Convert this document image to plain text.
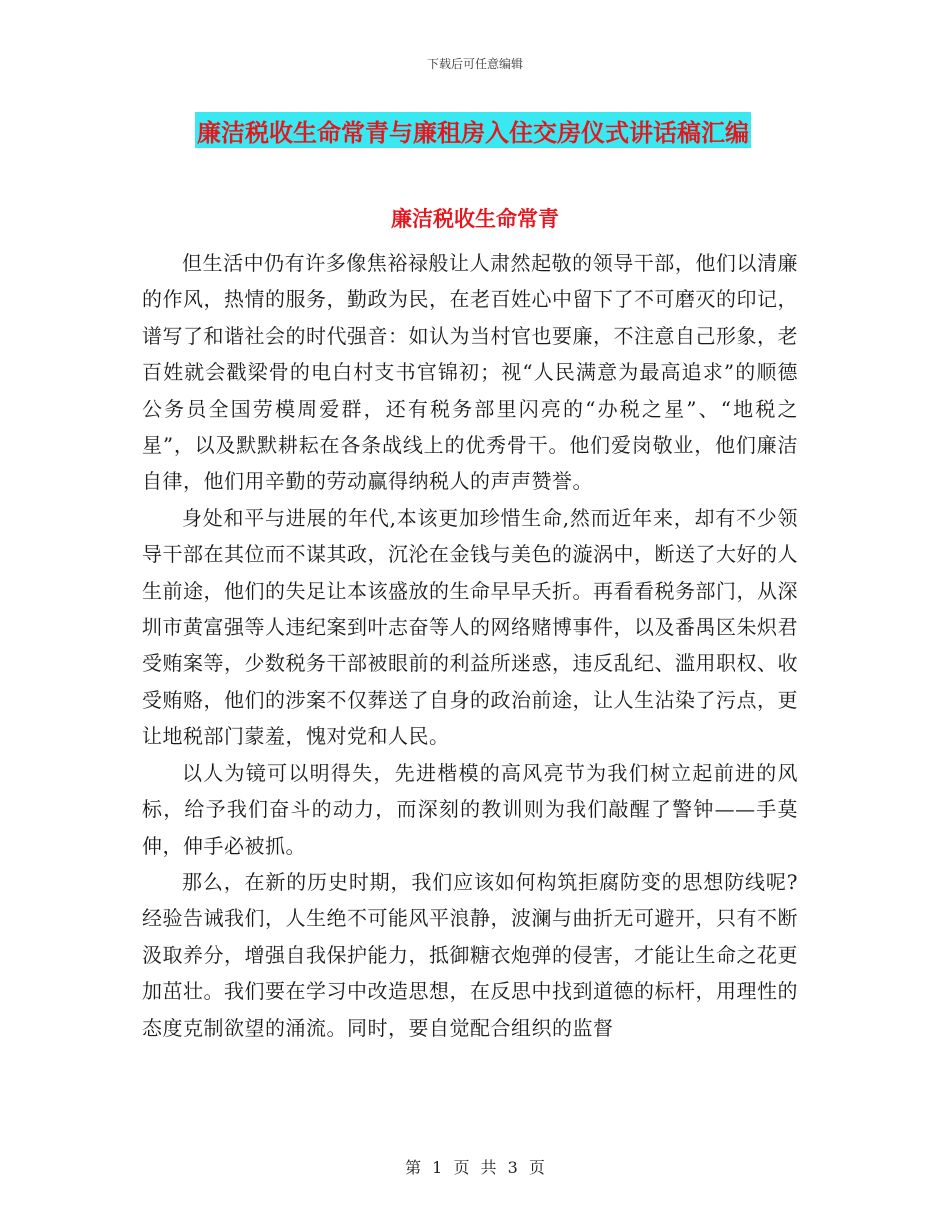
下载后可任意编辑
廉洁税收生命常青与廉租房入住交房仪式讲话稿汇编
廉洁税收生命常青

但生活中仍有许多像焦裕禄般让人肃然起敬的领导干部，他们以清廉的作风，热情的服务，勤政为民，在老百姓心中留下了不可磨灭的印记，谱写了和谐社会的时代强音：如认为当村官也要廉，不注意自己形象，老百姓就会戳梁骨的电白村支书官锦初；视“人民满意为最高追求”的顺德公务员全国劳模周爱群，还有税务部里闪亮的“办税之星”、“地税之星”，以及默默耕耘在各条战线上的优秀骨干。他们爱岗敬业，他们廉洁自律，他们用辛勤的劳动赢得纳税人的声声赞誉。

身处和平与进展的年代,本该更加珍惜生命,然而近年来，却有不少领导干部在其位而不谋其政，沉沦在金钱与美色的漩涡中，断送了大好的人生前途，他们的失足让本该盛放的生命早早夭折。再看看税务部门，从深圳市黄富强等人违纪案到叶志奋等人的网络赌博事件，以及番禺区朱炽君受贿案等，少数税务干部被眼前的利益所迷惑，违反乱纪、滥用职权、收受贿赂，他们的涉案不仅葬送了自身的政治前途，让人生沾染了污点，更让地税部门蒙羞，愧对党和人民。

以人为镜可以明得失，先进楷模的高风亮节为我们树立起前进的风标，给予我们奋斗的动力，而深刻的教训则为我们敲醒了警钟——手莫伸，伸手必被抓。

那么，在新的历史时期，我们应该如何构筑拒腐防变的思想防线呢?经验告诫我们，人生绝不可能风平浪静，波澜与曲折无可避开，只有不断汲取养分，增强自我保护能力，抵御糖衣炮弹的侵害，才能让生命之花更加茁壮。我们要在学习中改造思想，在反思中找到道德的标杆，用理性的态度克制欲望的涌流。同时，要自觉配合组织的监督

第 1 页 共 3 页
